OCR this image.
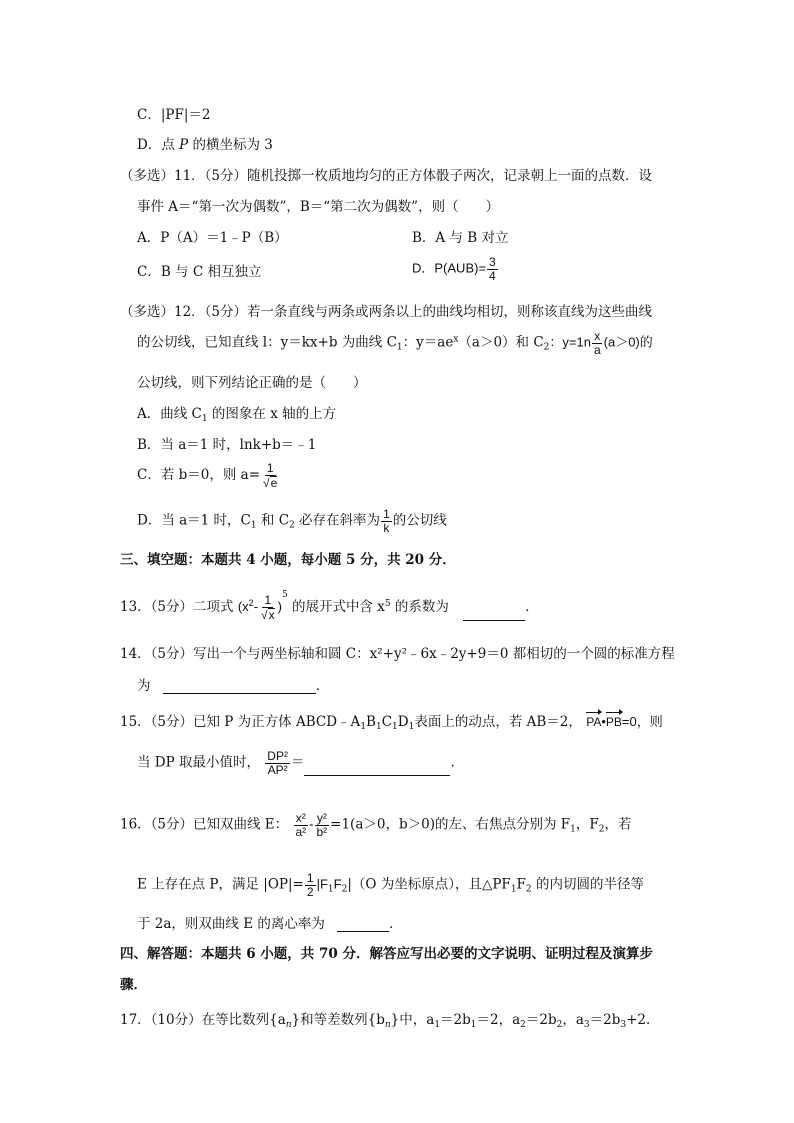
C．|PF|＝2
D．点 P 的横坐标为 3
（多选）11．（5分）随机投掷一枚质地均匀的正方体骰子两次，记录朝上一面的点数．设
事件 A＝“第一次为偶数”，B＝“第二次为偶数”，则（　　）
A．P（A）＝1﹣P（B）	B．A 与 B 对立
C．B 与 C 相互独立	D．$P(AUB)= \frac{3}{4}$
（多选）12．（5分）若一条直线与两条或两条以上的曲线均相切，则称该直线为这些曲线
的公切线，已知直线 l：y＝kx+b 为曲线 $C_1$：$y=ae^x(a>0)$和 $C_2$：$y=1n \frac{x}{a} (a>0)$的
公切线，则下列结论正确的是（　　）
A．曲线 $C_1$ 的图象在 x 轴的上方
B．当 a＝1 时，lnk+b＝﹣1
C．若 b＝0，则 $a= \frac{1}{√e}$
D．当 a＝1 时，$C_1$ 和 $C_2$ 必存在斜率为 $\frac{1}{k}$ 的公切线
三、填空题：本题共 4 小题，每小题 5 分，共 20 分．
13．（5分）二项式 $(x^2- \frac{1}{√x} )^5$ 的展开式中含 $x^5$ 的系数为	．
14．（5分）写出一个与两坐标轴和圆 C：x²+y²﹣6x﹣2y+9＝0 都相切的一个圆的标准方程
为	．
15．（5分）已知 P 为正方体 $ABCD﹣A_1B_1C_1D_1$表面上的动点，若 AB＝2， PA•PB=0，则
当 DP 取最小值时， $\frac{\text{DP²}}{\text{AP²}}$ ＝	．
16．（5分）已知双曲线 E： $\frac{\text{x²}}{\text{a²}} - \frac{\text{y²}}{\text{b²}} =1(a>0$，b＞0)的左、右焦点分别为 $F_1$，$F_2$，若
E 上存在点 P，满足 $|OP|= \frac{1}{2} |F_1F_2|(O$ 为坐标原点），且$\triangle PF_1F_2$ 的内切圆的半径等
于 2a，则双曲线 E 的离心率为	．
四、解答题：本题共 6 小题，共 70 分．解答应写出必要的文字说明、证明过程及演算步
骤．
17．（10分）在等比数列$\{a_n\}$和等差数列$\{b_n\}$中，$a_1=2b_1=2$，$a_2=2b_2$，$a_3=2b_3+2$．
